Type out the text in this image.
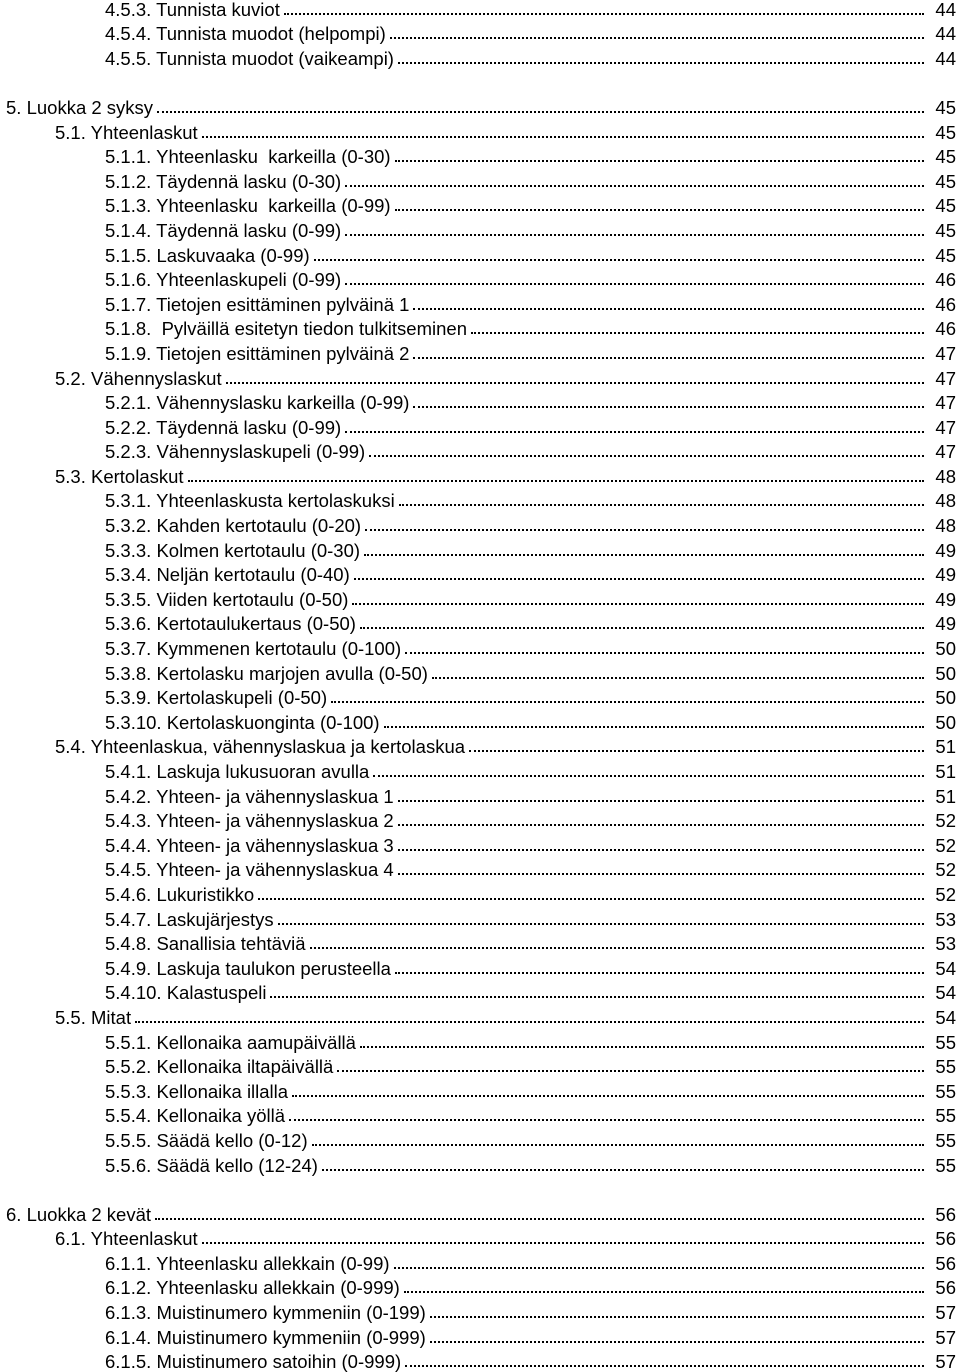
4.5.3. Tunnista kuviot	44
4.5.4. Tunnista muodot (helpompi)	44
4.5.5. Tunnista muodot (vaikeampi)	44
5. Luokka 2 syksy	45
5.1. Yhteenlaskut	45
5.1.1. Yhteenlasku  karkeilla (0-30)	45
5.1.2. Täydennä lasku (0-30)	45
5.1.3. Yhteenlasku  karkeilla (0-99)	45
5.1.4. Täydennä lasku (0-99)	45
5.1.5. Laskuvaaka (0-99)	45
5.1.6. Yhteenlaskupeli (0-99)	46
5.1.7. Tietojen esittäminen pylväinä 1	46
5.1.8.  Pylväillä esitetyn tiedon tulkitseminen	46
5.1.9. Tietojen esittäminen pylväinä 2	47
5.2. Vähennyslaskut	47
5.2.1. Vähennyslasku karkeilla (0-99)	47
5.2.2. Täydennä lasku (0-99)	47
5.2.3. Vähennyslaskupeli (0-99)	47
5.3. Kertolaskut	48
5.3.1. Yhteenlaskusta kertolaskuksi	48
5.3.2. Kahden kertotaulu (0-20)	48
5.3.3. Kolmen kertotaulu (0-30)	49
5.3.4. Neljän kertotaulu (0-40)	49
5.3.5. Viiden kertotaulu (0-50)	49
5.3.6. Kertotaulukertaus (0-50)	49
5.3.7. Kymmenen kertotaulu (0-100)	50
5.3.8. Kertolasku marjojen avulla (0-50)	50
5.3.9. Kertolaskupeli (0-50)	50
5.3.10. Kertolaskuonginta (0-100)	50
5.4. Yhteenlaskua, vähennyslaskua ja kertolaskua	51
5.4.1. Laskuja lukusuoran avulla	51
5.4.2. Yhteen- ja vähennyslaskua 1	51
5.4.3. Yhteen- ja vähennyslaskua 2	52
5.4.4. Yhteen- ja vähennyslaskua 3	52
5.4.5. Yhteen- ja vähennyslaskua 4	52
5.4.6. Lukuristikko	52
5.4.7. Laskujärjestys	53
5.4.8. Sanallisia tehtäviä	53
5.4.9. Laskuja taulukon perusteella	54
5.4.10. Kalastuspeli	54
5.5. Mitat	54
5.5.1. Kellonaika aamupäivällä	55
5.5.2. Kellonaika iltapäivällä	55
5.5.3. Kellonaika illalla	55
5.5.4. Kellonaika yöllä	55
5.5.5. Säädä kello (0-12)	55
5.5.6. Säädä kello (12-24)	55
6. Luokka 2 kevät	56
6.1. Yhteenlaskut	56
6.1.1. Yhteenlasku allekkain (0-99)	56
6.1.2. Yhteenlasku allekkain (0-999)	56
6.1.3. Muistinumero kymmeniin (0-199)	57
6.1.4. Muistinumero kymmeniin (0-999)	57
6.1.5. Muistinumero satoihin (0-999)	57
